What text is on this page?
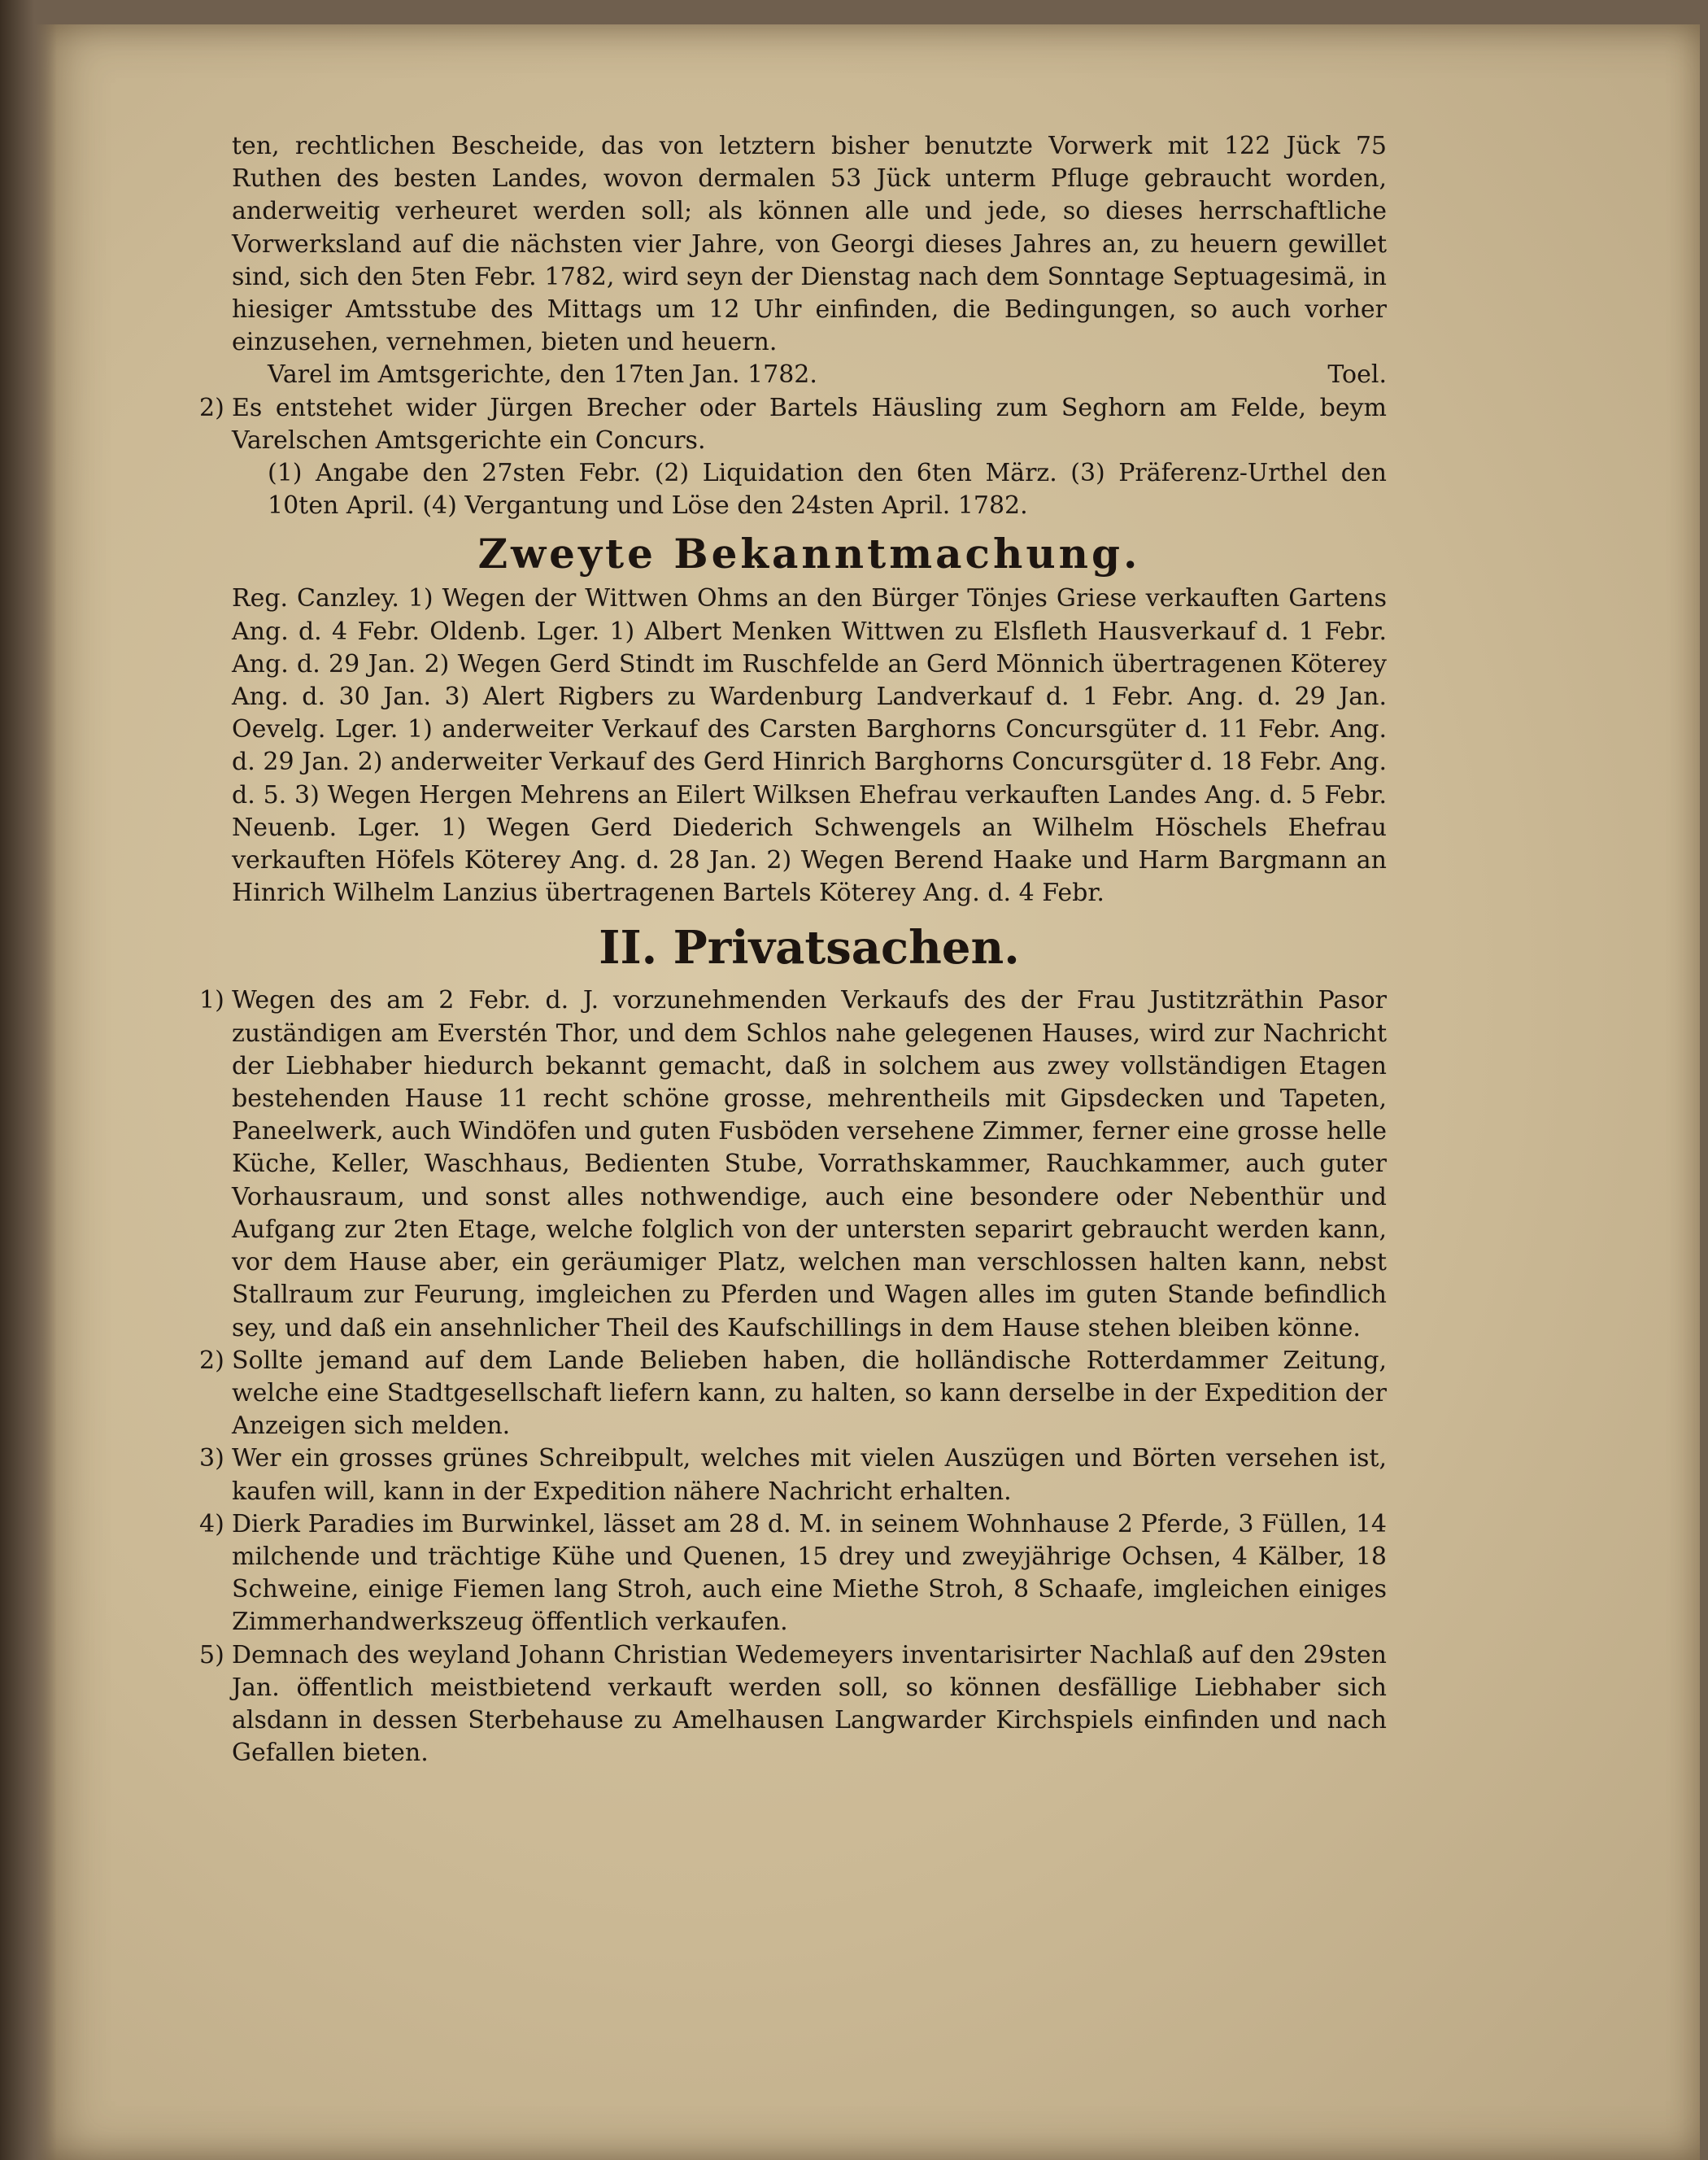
ten, rechtlichen Bescheide, das von letztern bisher benutzte Vorwerk mit 122 Jück 75 Ruthen des besten Landes, wovon dermalen 53 Jück unterm Pfluge gebraucht worden, anderweitig verheuret werden soll; als können alle und jede, so dieses herrschaftliche Vorwerksland auf die nächsten vier Jahre, von Georgi dieses Jahres an, zu heuern gewillet sind, sich den 5ten Febr. 1782, wird seyn der Dienstag nach dem Sonntage Septuagesimä, in hiesiger Amtsstube des Mittags um 12 Uhr einfinden, die Bedingungen, so auch vorher einzusehen, vernehmen, bieten und heuern.

Varel im Amtsgerichte, den 17ten Jan. 1782.	Toel.

Es entstehet wider Jürgen Brecher oder Bartels Häusling zum Seghorn am Felde, beym Varelschen Amtsgerichte ein Concurs.

(1) Angabe den 27sten Febr. (2) Liquidation den 6ten März. (3) Präferenz-Urthel den 10ten April. (4) Vergantung und Löse den 24sten April. 1782.

Zweyte Bekanntmachung.

Reg. Canzley. 1) Wegen der Wittwen Ohms an den Bürger Tönjes Griese verkauften Gartens Ang. d. 4 Febr. Oldenb. Lger. 1) Albert Menken Wittwen zu Elsfleth Hausverkauf d. 1 Febr. Ang. d. 29 Jan. 2) Wegen Gerd Stindt im Ruschfelde an Gerd Mönnich übertragenen Köterey Ang. d. 30 Jan. 3) Alert Rigbers zu Wardenburg Landverkauf d. 1 Febr. Ang. d. 29 Jan. Oevelg. Lger. 1) anderweiter Verkauf des Carsten Barghorns Concursgüter d. 11 Febr. Ang. d. 29 Jan. 2) anderweiter Verkauf des Gerd Hinrich Barghorns Concursgüter d. 18 Febr. Ang. d. 5. 3) Wegen Hergen Mehrens an Eilert Wilksen Ehefrau verkauften Landes Ang. d. 5 Febr. Neuenb. Lger. 1) Wegen Gerd Diederich Schwengels an Wilhelm Höschels Ehefrau verkauften Höfels Köterey Ang. d. 28 Jan. 2) Wegen Berend Haake und Harm Bargmann an Hinrich Wilhelm Lanzius übertragenen Bartels Köterey Ang. d. 4 Febr.

II. Privatsachen.

Wegen des am 2 Febr. d. J. vorzunehmenden Verkaufs des der Frau Justitzräthin Pasor zuständigen am Everstén Thor, und dem Schlos nahe gelegenen Hauses, wird zur Nachricht der Liebhaber hiedurch bekannt gemacht, daß in solchem aus zwey vollständigen Etagen bestehenden Hause 11 recht schöne grosse, mehrentheils mit Gipsdecken und Tapeten, Paneelwerk, auch Windöfen und guten Fusböden versehene Zimmer, ferner eine grosse helle Küche, Keller, Waschhaus, Bedienten Stube, Vorrathskammer, Rauchkammer, auch guter Vorhausraum, und sonst alles nothwendige, auch eine besondere oder Nebenthür und Aufgang zur 2ten Etage, welche folglich von der untersten separirt gebraucht werden kann, vor dem Hause aber, ein geräumiger Platz, welchen man verschlossen halten kann, nebst Stallraum zur Feurung, imgleichen zu Pferden und Wagen alles im guten Stande befindlich sey, und daß ein ansehnlicher Theil des Kaufschillings in dem Hause stehen bleiben könne.

Sollte jemand auf dem Lande Belieben haben, die holländische Rotterdammer Zeitung, welche eine Stadtgesellschaft liefern kann, zu halten, so kann derselbe in der Expedition der Anzeigen sich melden.

Wer ein grosses grünes Schreibpult, welches mit vielen Auszügen und Börten versehen ist, kaufen will, kann in der Expedition nähere Nachricht erhalten.

Dierk Paradies im Burwinkel, lässet am 28 d. M. in seinem Wohnhause 2 Pferde, 3 Füllen, 14 milchende und trächtige Kühe und Quenen, 15 drey und zweyjährige Ochsen, 4 Kälber, 18 Schweine, einige Fiemen lang Stroh, auch eine Miethe Stroh, 8 Schaafe, imgleichen einiges Zimmerhandwerkszeug öffentlich verkaufen.

Demnach des weyland Johann Christian Wedemeyers inventarisirter Nachlaß auf den 29sten Jan. öffentlich meistbietend verkauft werden soll, so können desfällige Liebhaber sich alsdann in dessen Sterbehause zu Amelhausen Langwarder Kirchspiels einfinden und nach Gefallen bieten.
